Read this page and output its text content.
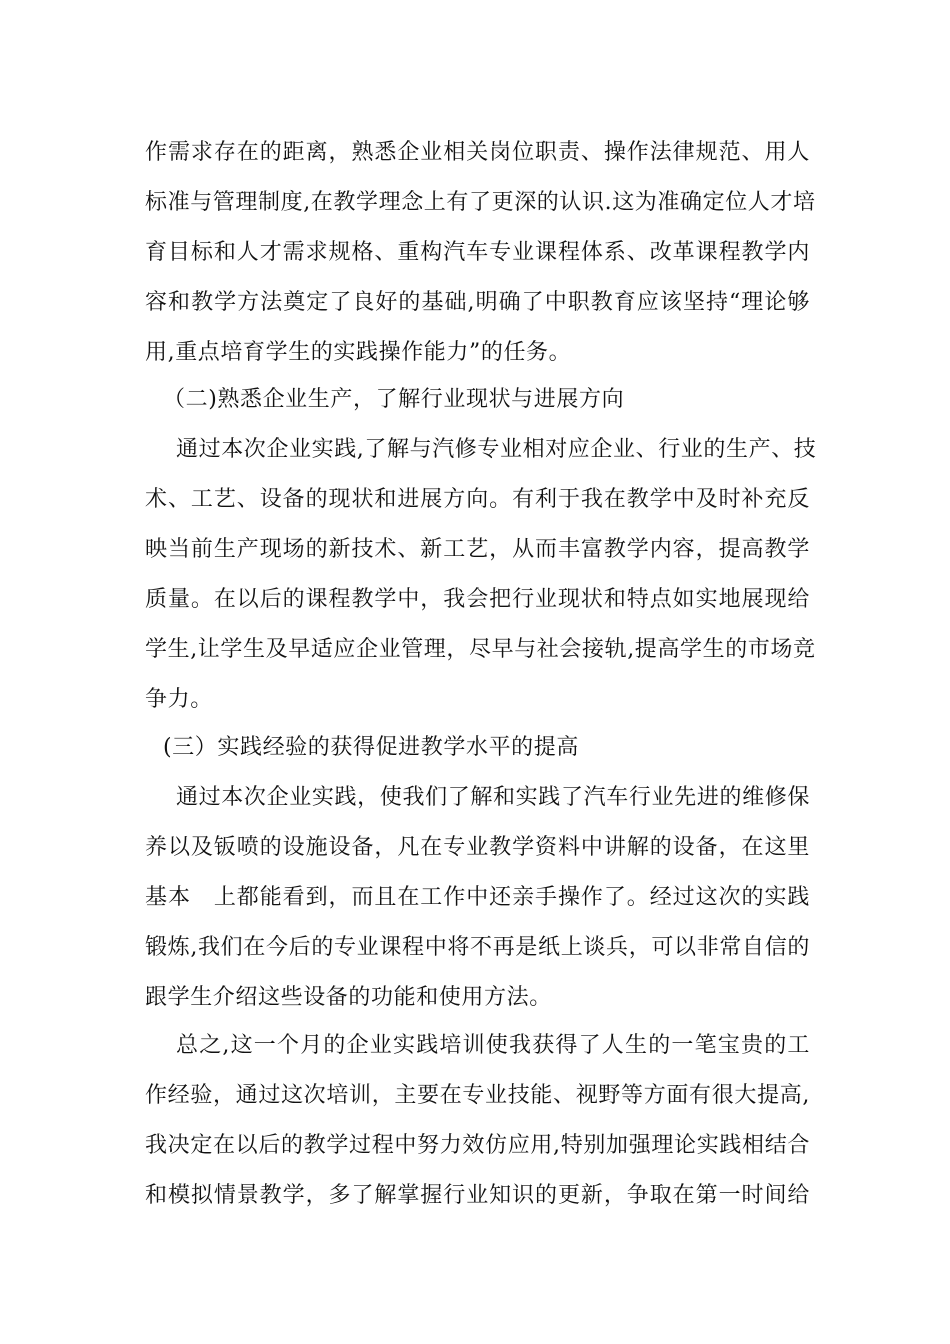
作需求存在的距离，熟悉企业相关岗位职责、操作法律规范、用人
标准与管理制度,在教学理念上有了更深的认识.这为准确定位人才培
育目标和人才需求规格、重构汽车专业课程体系、改革课程教学内
容和教学方法奠定了良好的基础,明确了中职教育应该坚持“理论够
用,重点培育学生的实践操作能力”的任务。
（二)熟悉企业生产，了解行业现状与进展方向
通过本次企业实践,了解与汽修专业相对应企业、行业的生产、技
术、工艺、设备的现状和进展方向。有利于我在教学中及时补充反
映当前生产现场的新技术、新工艺，从而丰富教学内容，提高教学
质量。在以后的课程教学中，我会把行业现状和特点如实地展现给
学生,让学生及早适应企业管理，尽早与社会接轨,提高学生的市场竞
争力。
(三）实践经验的获得促进教学水平的提高
通过本次企业实践，使我们了解和实践了汽车行业先进的维修保
养以及钣喷的设施设备，凡在专业教学资料中讲解的设备，在这里
基本　上都能看到，而且在工作中还亲手操作了。经过这次的实践
锻炼,我们在今后的专业课程中将不再是纸上谈兵，可以非常自信的
跟学生介绍这些设备的功能和使用方法。
总之,这一个月的企业实践培训使我获得了人生的一笔宝贵的工
作经验，通过这次培训，主要在专业技能、视野等方面有很大提高,
我决定在以后的教学过程中努力效仿应用,特别加强理论实践相结合
和模拟情景教学，多了解掌握行业知识的更新，争取在第一时间给
